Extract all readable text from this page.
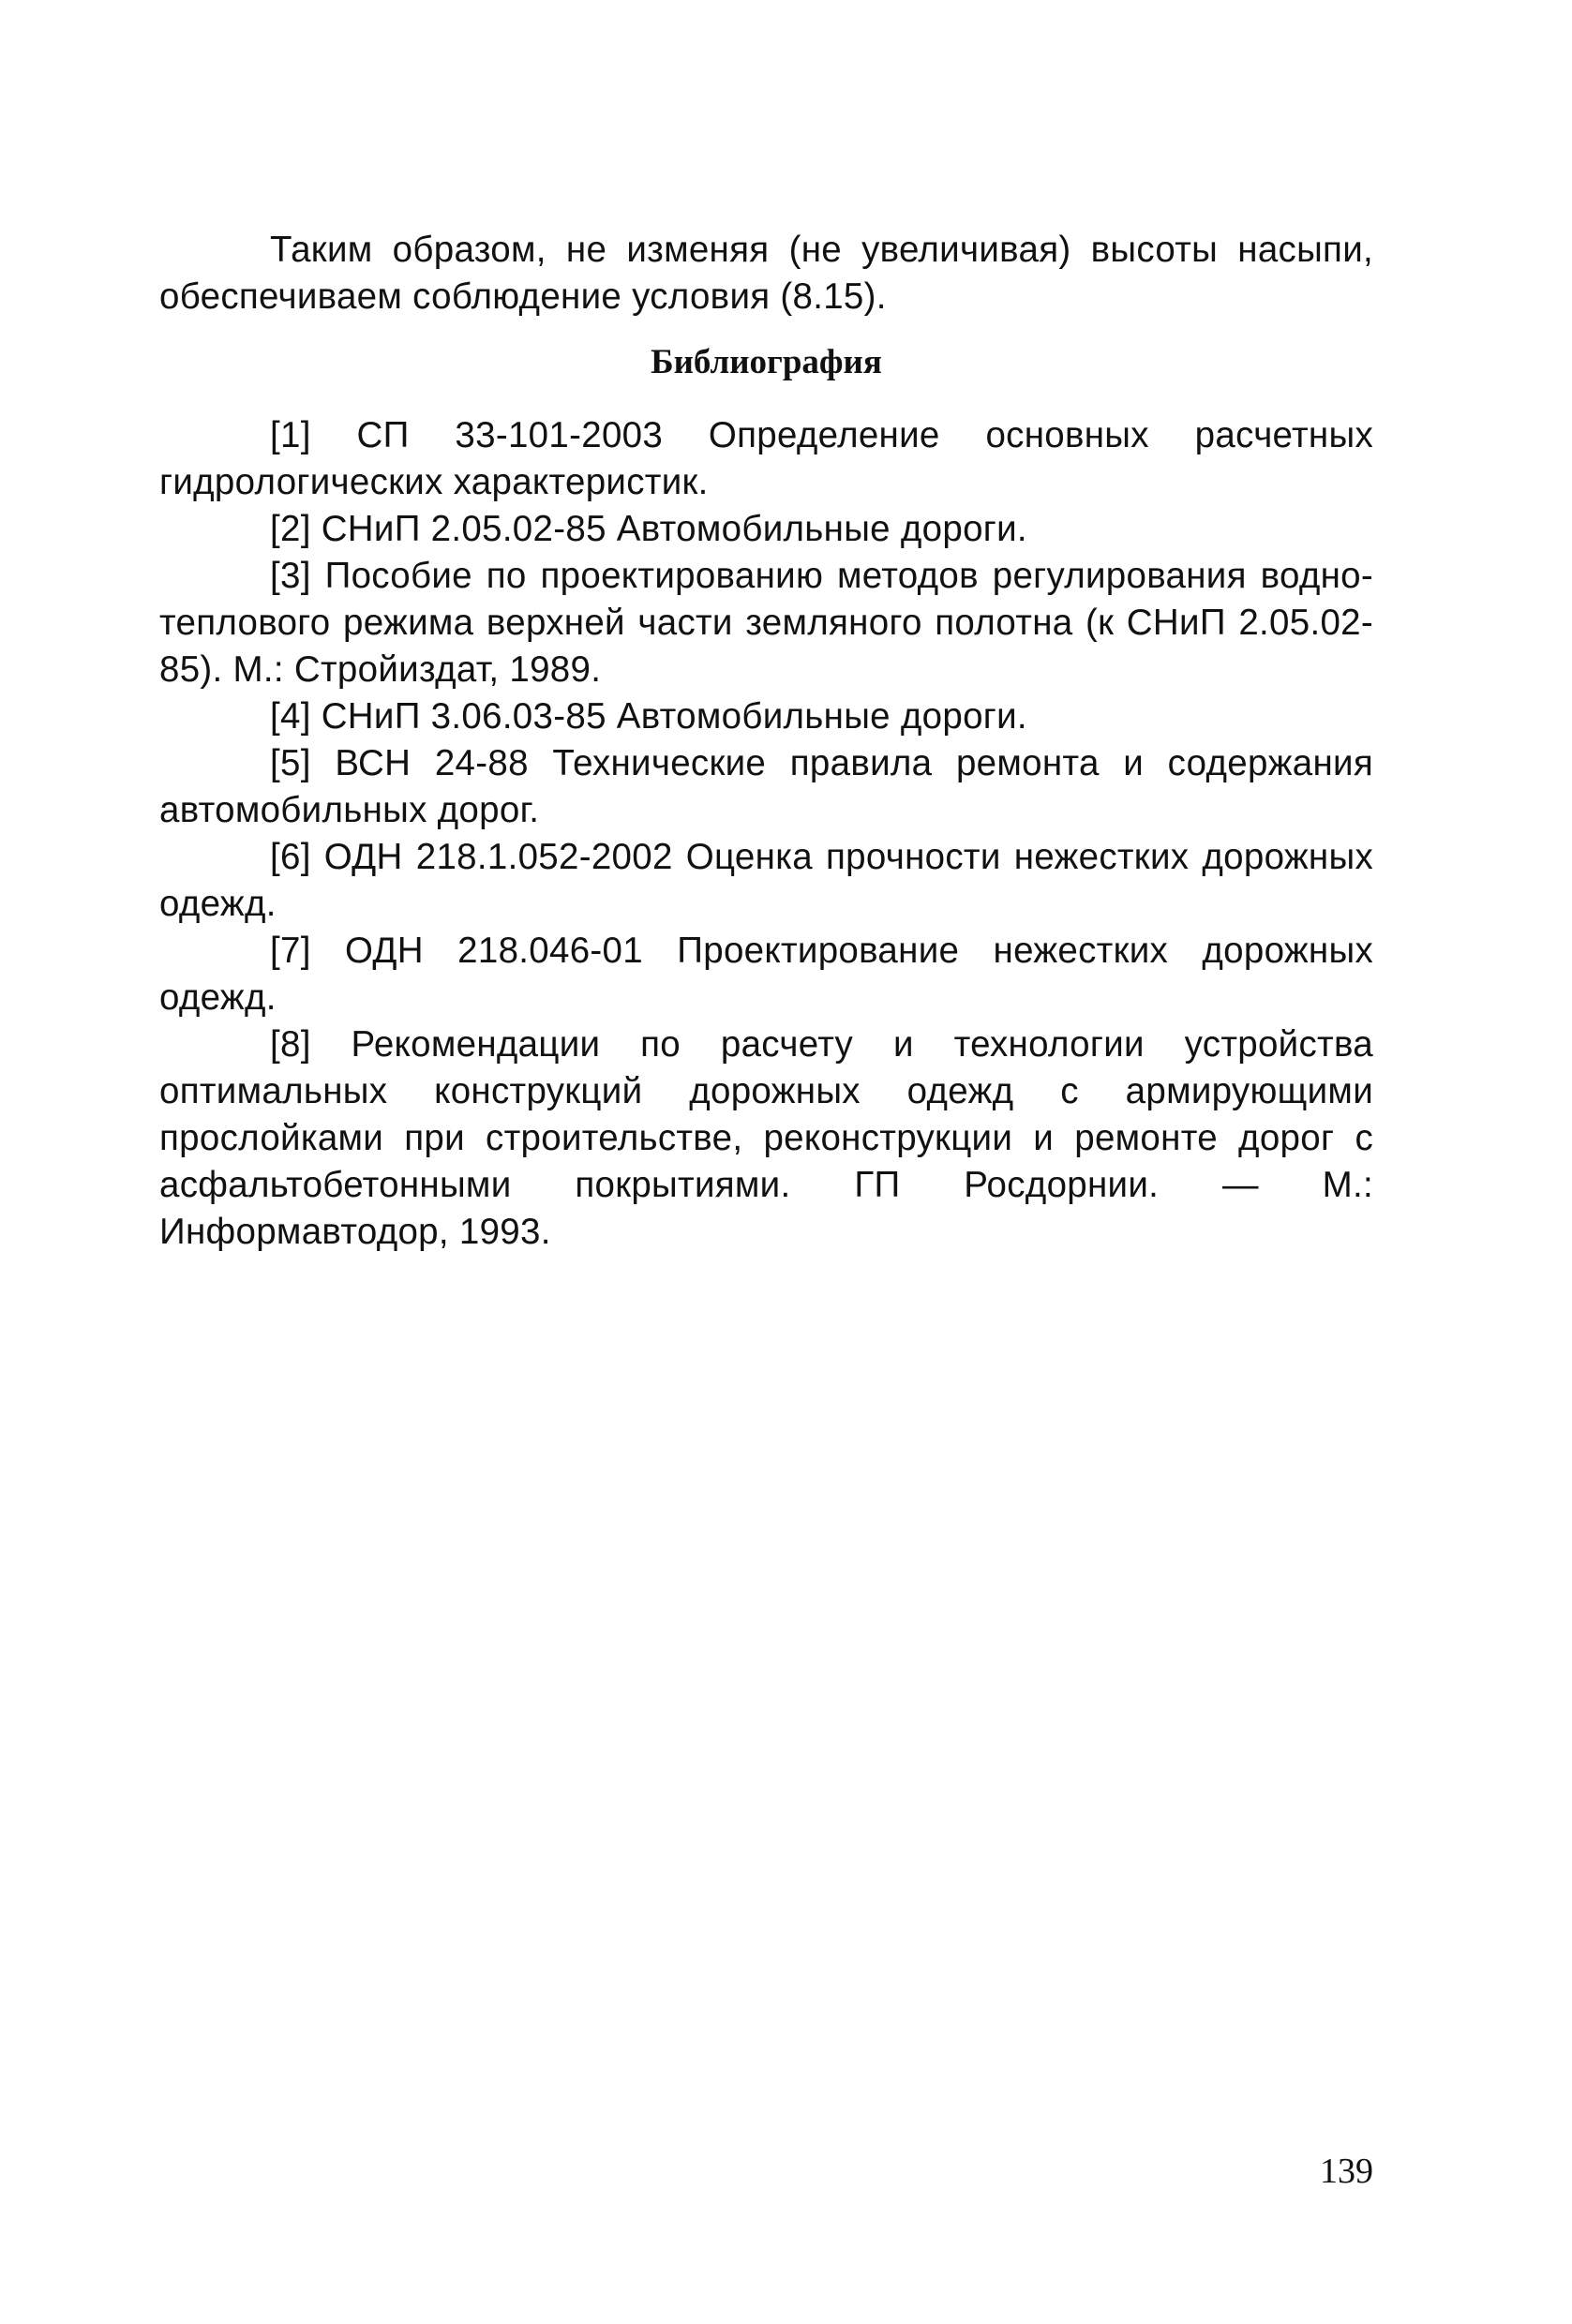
Таким образом, не изменяя (не увеличивая) высоты насыпи, обеспечиваем соблюдение условия (8.15).

Библиография

[1] СП 33-101-2003 Определение основных расчетных гидрологических характеристик.

[2] СНиП 2.05.02-85 Автомобильные дороги.

[3] Пособие по проектированию методов регулирования водно-теплового режима верхней части земляного полотна (к СНиП 2.05.02-85). М.: Стройиздат, 1989.

[4] СНиП 3.06.03-85 Автомобильные дороги.

[5] ВСН 24-88 Технические правила ремонта и содержания автомобильных дорог.

[6] ОДН 218.1.052-2002 Оценка прочности нежестких дорожных одежд.

[7] ОДН 218.046-01 Проектирование нежестких дорожных одежд.

[8] Рекомендации по расчету и технологии устройства оптимальных конструкций дорожных одежд с армирующими прослойками при строительстве, реконструкции и ремонте дорог с асфальтобетонными покрытиями. ГП Росдорнии. — М.: Информавтодор, 1993.

139
